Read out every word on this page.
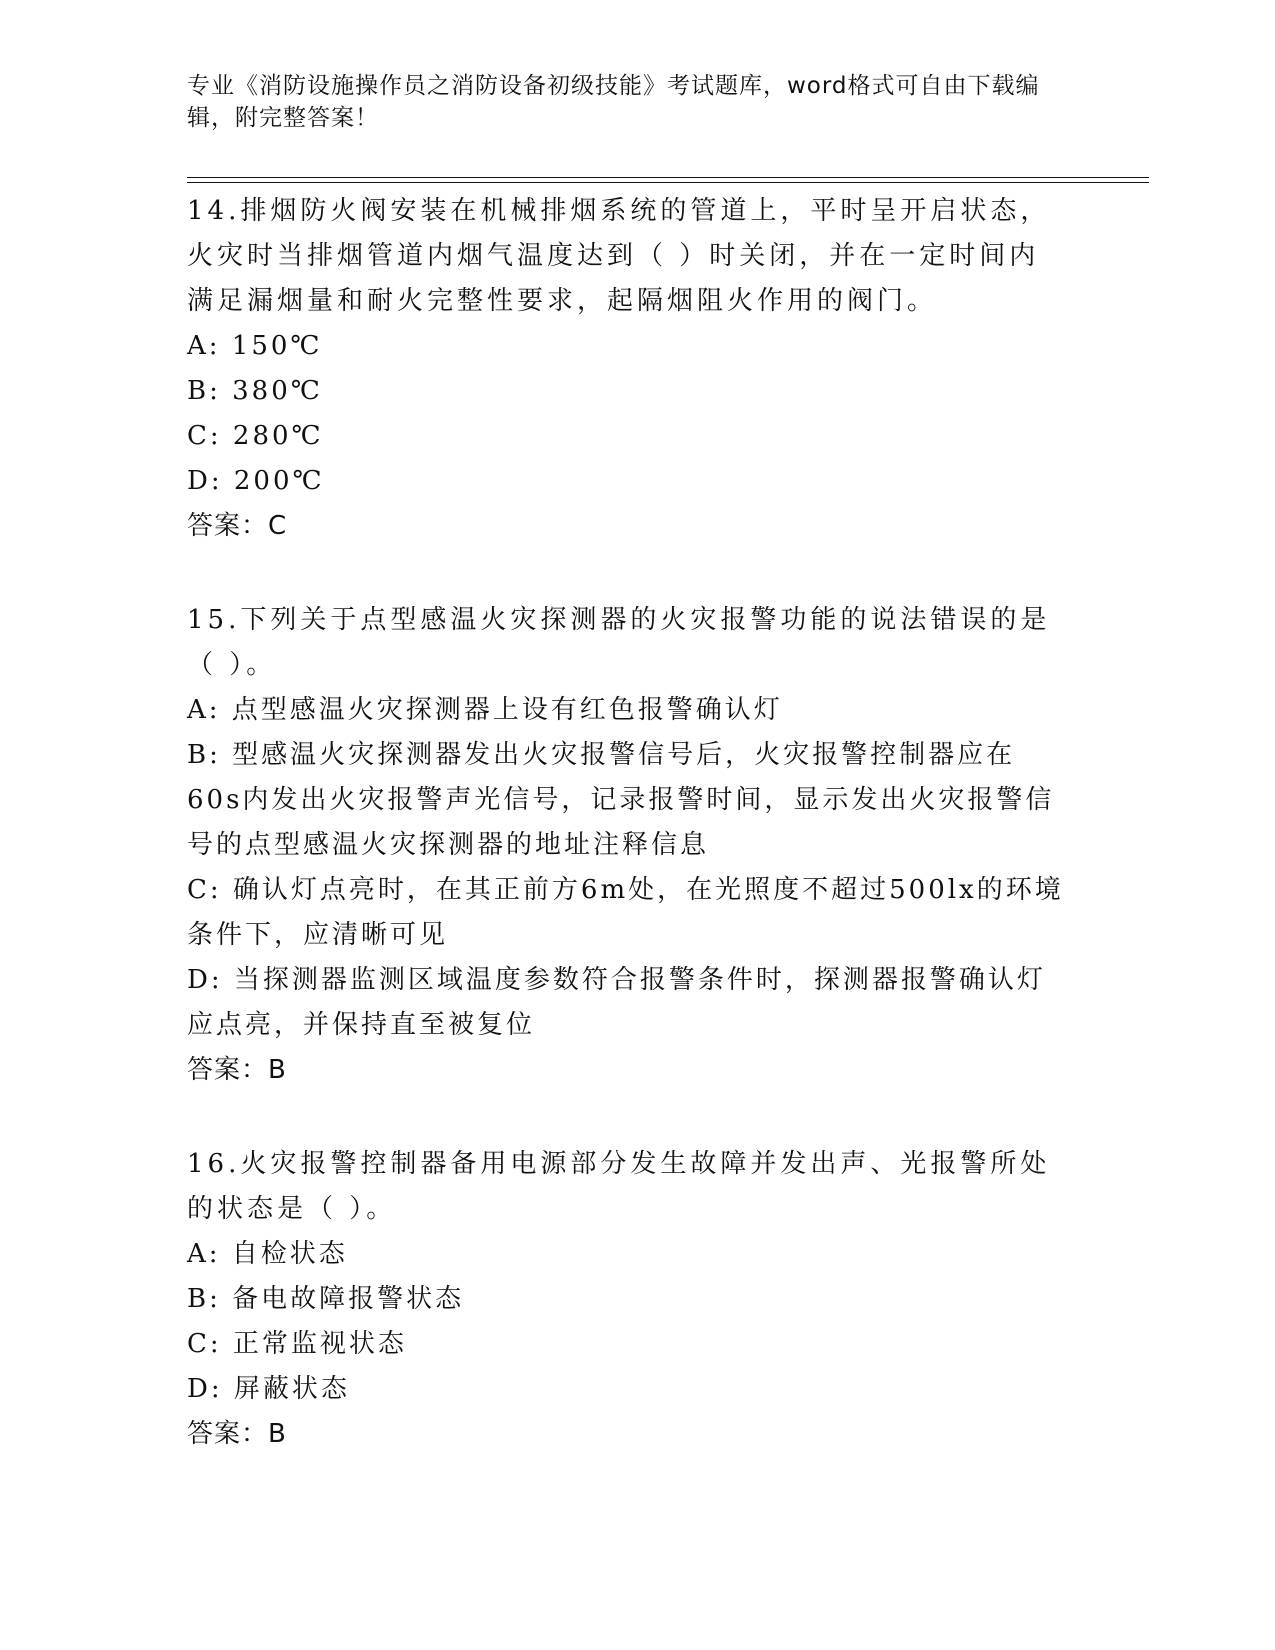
专业《消防设施操作员之消防设备初级技能》考试题库，word格式可自由下载编辑，附完整答案！

14.排烟防火阀安装在机械排烟系统的管道上，平时呈开启状态，火灾时当排烟管道内烟气温度达到（ ）时关闭，并在一定时间内满足漏烟量和耐火完整性要求，起隔烟阻火作用的阀门。

A: 150℃
B: 380℃
C: 280℃
D: 200℃
答案：C

15.下列关于点型感温火灾探测器的火灾报警功能的说法错误的是（ ）。

A: 点型感温火灾探测器上设有红色报警确认灯
B: 型感温火灾探测器发出火灾报警信号后，火灾报警控制器应在60s内发出火灾报警声光信号，记录报警时间，显示发出火灾报警信号的点型感温火灾探测器的地址注释信息
C: 确认灯点亮时，在其正前方6m处，在光照度不超过500lx的环境条件下，应清晰可见
D: 当探测器监测区域温度参数符合报警条件时，探测器报警确认灯应点亮，并保持直至被复位
答案：B

16.火灾报警控制器备用电源部分发生故障并发出声、光报警所处的状态是（ ）。

A: 自检状态
B: 备电故障报警状态
C: 正常监视状态
D: 屏蔽状态
答案：B
